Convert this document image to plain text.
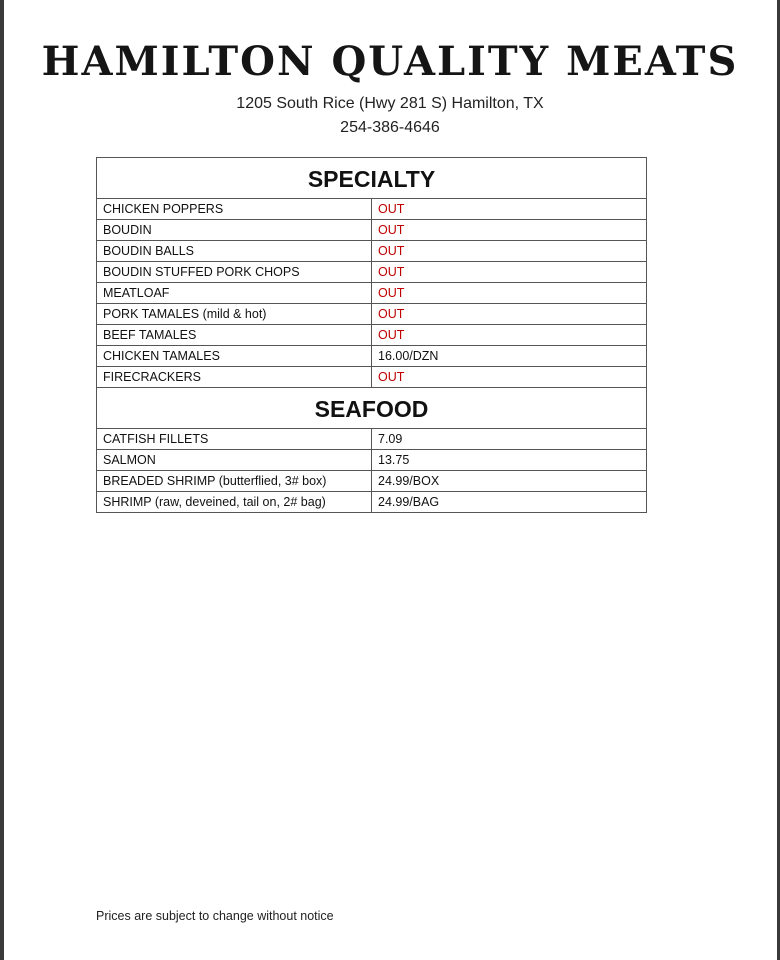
HAMILTON QUALITY MEATS
1205 South Rice (Hwy 281 S) Hamilton, TX
254-386-4646
SPECIALTY	
CHICKEN POPPERS	OUT
BOUDIN	OUT
BOUDIN BALLS	OUT
BOUDIN STUFFED PORK CHOPS	OUT
MEATLOAF	OUT
PORK TAMALES (mild & hot)	OUT
BEEF TAMALES	OUT
CHICKEN TAMALES	16.00/DZN
FIRECRACKERS	OUT
SEAFOOD	
CATFISH FILLETS	7.09
SALMON	13.75
BREADED SHRIMP (butterflied, 3# box)	24.99/BOX
SHRIMP (raw, deveined, tail on, 2# bag)	24.99/BAG
Prices are subject to change without notice
